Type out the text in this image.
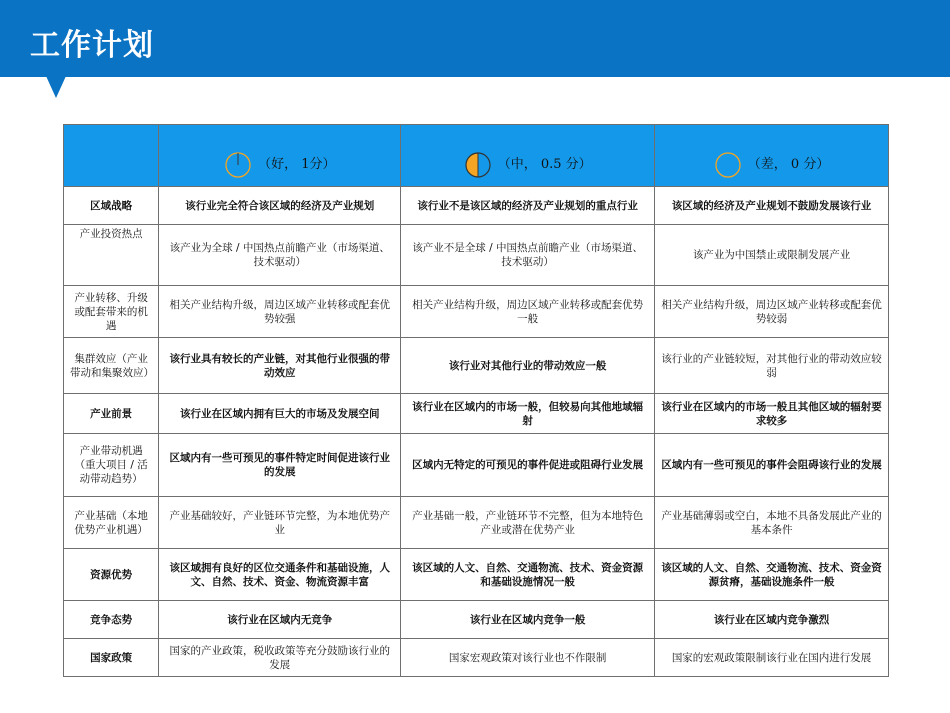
工作计划

	（好， 1分）	（中， 0.5 分）	（差， 0 分）

区域战略	该行业完全符合该区域的经济及产业规划	该行业不是该区域的经济及产业规划的重点行业	该区域的经济及产业规划不鼓励发展该行业
产业投资热点	该产业为全球 / 中国热点前瞻产业（市场渠道、技术驱动）	该产业不是全球 / 中国热点前瞻产业（市场渠道、技术驱动）	该产业为中国禁止或限制发展产业
产业转移、升级或配套带来的机遇	相关产业结构升级，周边区域产业转移或配套优势较强	相关产业结构升级，周边区域产业转移或配套优势一般	相关产业结构升级，周边区域产业转移或配套优势较弱
集群效应（产业带动和集聚效应）	该行业具有较长的产业链，对其他行业很强的带动效应	该行业对其他行业的带动效应一般	该行业的产业链较短，对其他行业的带动效应较弱
产业前景	该行业在区域内拥有巨大的市场及发展空间	该行业在区域内的市场一般，但较易向其他地域辐射	该行业在区域内的市场一般且其他区域的辐射要求较多
产业带动机遇（重大项目 / 活动带动趋势）	区域内有一些可预见的事件特定时间促进该行业的发展	区域内无特定的可预见的事件促进或阻碍行业发展	区域内有一些可预见的事件会阻碍该行业的发展
产业基础（本地优势产业机遇）	产业基础较好，产业链环节完整，为本地优势产业	产业基础一般，产业链环节不完整，但为本地特色产业或潜在优势产业	产业基础薄弱或空白，本地不具备发展此产业的基本条件
资源优势	该区域拥有良好的区位交通条件和基础设施，人文、自然、技术、资金、物流资源丰富	该区域的人文、自然、交通物流、技术、资金资源和基础设施情况一般	该区域的人文、自然、交通物流、技术、资金资源贫瘠，基础设施条件一般
竞争态势	该行业在区域内无竞争	该行业在区域内竞争一般	该行业在区域内竞争激烈
国家政策	国家的产业政策，税收政策等充分鼓励该行业的发展	国家宏观政策对该行业也不作限制	国家的宏观政策限制该行业在国内进行发展
